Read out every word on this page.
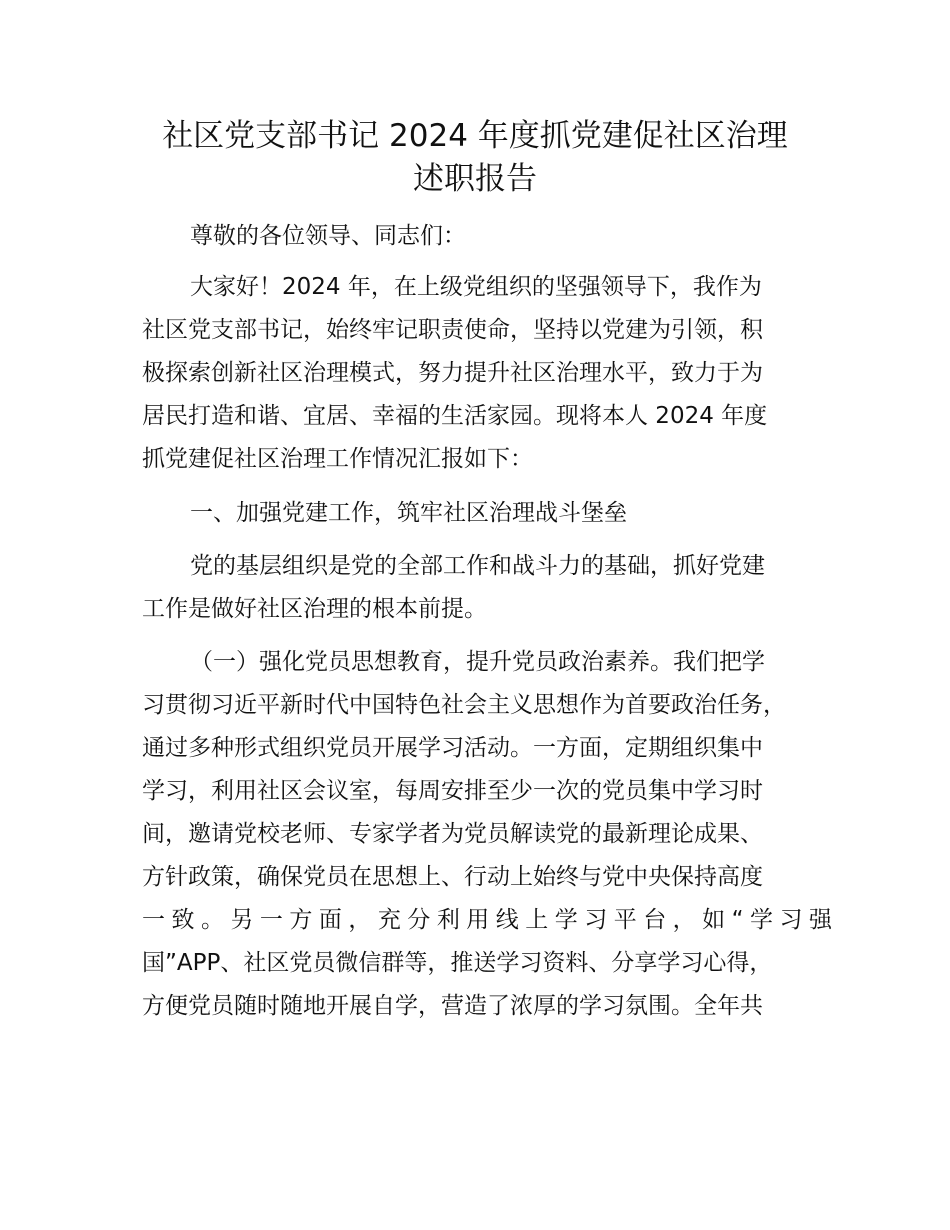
社区党支部书记 2024 年度抓党建促社区治理
述职报告
尊敬的各位领导、同志们：
大家好！2024 年，在上级党组织的坚强领导下，我作为
社区党支部书记，始终牢记职责使命，坚持以党建为引领，积
极探索创新社区治理模式，努力提升社区治理水平，致力于为
居民打造和谐、宜居、幸福的生活家园。现将本人 2024 年度
抓党建促社区治理工作情况汇报如下：
一、加强党建工作，筑牢社区治理战斗堡垒
党的基层组织是党的全部工作和战斗力的基础，抓好党建
工作是做好社区治理的根本前提。
（一）强化党员思想教育，提升党员政治素养。我们把学
习贯彻习近平新时代中国特色社会主义思想作为首要政治任务，
通过多种形式组织党员开展学习活动。一方面，定期组织集中
学习，利用社区会议室，每周安排至少一次的党员集中学习时
间，邀请党校老师、专家学者为党员解读党的最新理论成果、
方针政策，确保党员在思想上、行动上始终与党中央保持高度
一致。另一方面，充分利用线上学习平台，如“学习强
国”APP、社区党员微信群等，推送学习资料、分享学习心得，
方便党员随时随地开展自学，营造了浓厚的学习氛围。全年共
